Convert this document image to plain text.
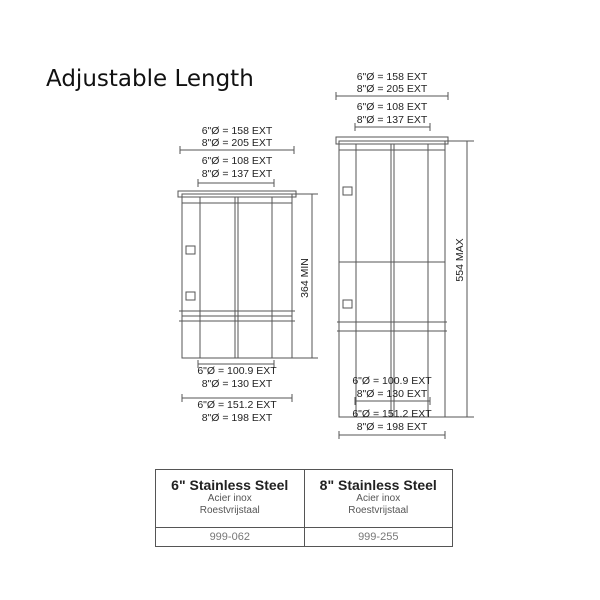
Adjustable Length
6"Ø = 158 EXT
8"Ø = 205 EXT
6"Ø = 108 EXT
8"Ø = 137 EXT
6"Ø = 100.9 EXT
8"Ø = 130 EXT
6"Ø = 151.2 EXT
8"Ø = 198 EXT
364 MIN
6"Ø = 158 EXT
8"Ø = 205 EXT
6"Ø = 108 EXT
8"Ø = 137 EXT
6"Ø = 100.9 EXT
8"Ø = 130 EXT
6"Ø = 151.2 EXT
8"Ø = 198 EXT
554 MAX
6" Stainless Steel
Acier inox
Roestvrijstaal
999-062
8" Stainless Steel
Acier inox
Roestvrijstaal
999-255
